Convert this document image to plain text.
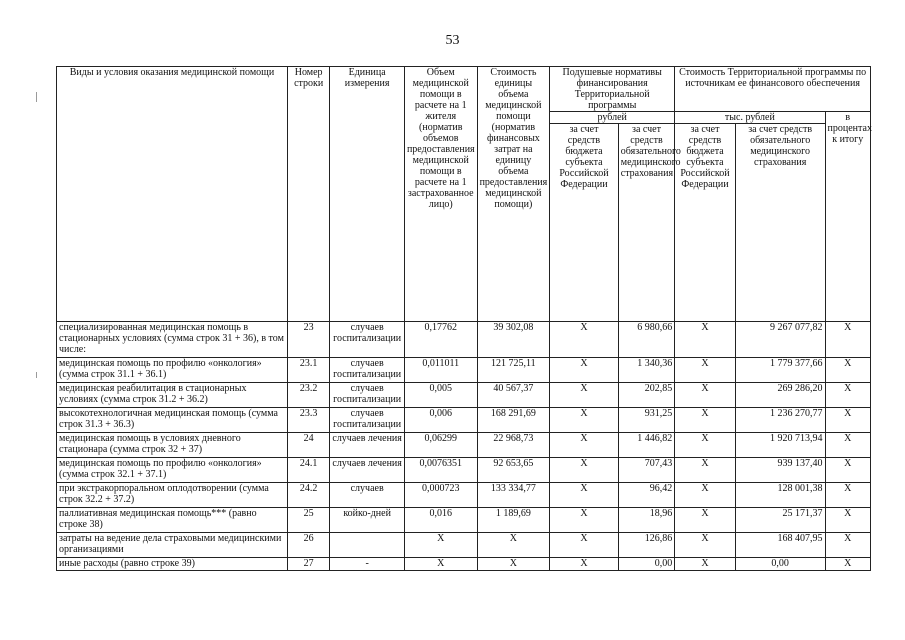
53
Виды и условия оказания медицинской помощи	Номер строки	Единица измерения	Объем медицинской помощи в расчете на 1 жителя (норматив объемов предоставления медицинской помощи в расчете на 1 застрахованное лицо)	Стоимость единицы объема медицинской помощи (норматив финансовых затрат на единицу объема предоставления медицинской помощи)	Подушевые нормативы финансирования Территориальной программы		Стоимость Территориальной программы по источникам ее финансового обеспечения		
					рублей		тыс. рублей		в процентах к итогу
					за счет средств бюджета субъекта Российской Федерации	за счет средств обязательного медицинского страхования	за счет средств бюджета субъекта Российской Федерации	за счет средств обязательного медицинского страхования	
специализированная медицинская помощь в стационарных условиях (сумма строк 31 + 36), в том числе:	23	случаев госпитализации	0,17762	39 302,08	X	6 980,66	X	9 267 077,82	X
медицинская помощь по профилю «онкология» (сумма строк 31.1 + 36.1)	23.1	случаев госпитализации	0,011011	121 725,11	X	1 340,36	X	1 779 377,66	X
медицинская реабилитация в стационарных условиях (сумма строк 31.2 + 36.2)	23.2	случаев госпитализации	0,005	40 567,37	X	202,85	X	269 286,20	X
высокотехнологичная медицинская помощь (сумма строк 31.3 + 36.3)	23.3	случаев госпитализации	0,006	168 291,69	X	931,25	X	1 236 270,77	X
медицинская помощь в условиях дневного стационара (сумма строк 32 + 37)	24	случаев лечения	0,06299	22 968,73	X	1 446,82	X	1 920 713,94	X
медицинская помощь по профилю «онкология» (сумма строк 32.1 + 37.1)	24.1	случаев лечения	0,0076351	92 653,65	X	707,43	X	939 137,40	X
при экстракорпоральном оплодотворении (сумма строк 32.2 + 37.2)	24.2	случаев	0,000723	133 334,77	X	96,42	X	128 001,38	X
паллиативная медицинская помощь*** (равно строке 38)	25	койко-дней	0,016	1 189,69	X	18,96	X	25 171,37	X
затраты на ведение дела страховыми медицинскими организациями	26		X	X	X	126,86	X	168 407,95	X
иные расходы (равно строке 39)	27	-	X	X	X	0,00	X	0,00	X
